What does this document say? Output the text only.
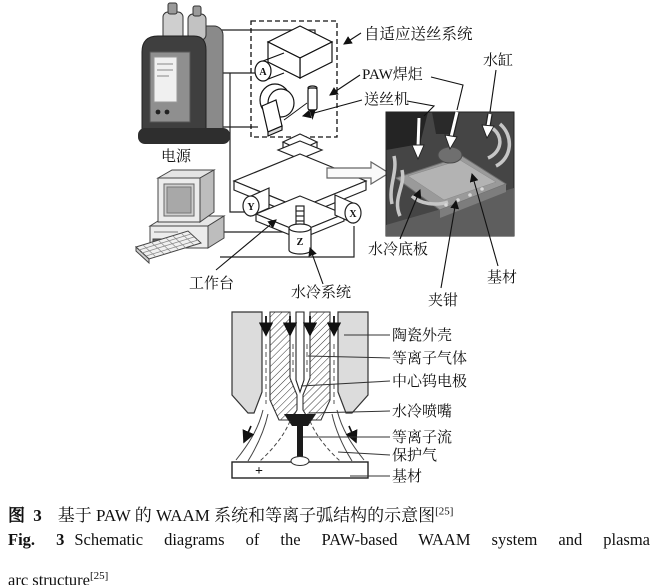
电源
A
Y
X
Z
自适应送丝系统
PAW焊炬
送丝机
水缸
水冷底板
夹钳
基材
工作台
水冷系统
+
陶瓷外壳
等离子气体
中心钨电极
水冷喷嘴
等离子流
保护气
基材

图 3 基于 PAW 的 WAAM 系统和等离子弧结构的示意图[25]

Fig. 3 Schematic diagrams of the PAW-based WAAM system and plasma

arc structure[25]
